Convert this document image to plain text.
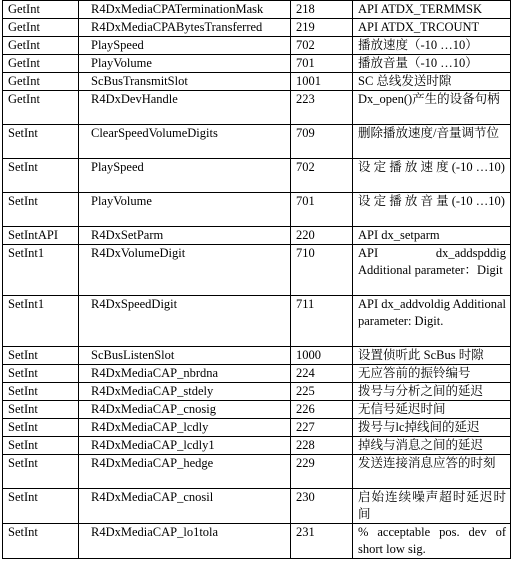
GetInt	R4DxMediaCPATerminationMask	218	API ATDX_TERMMSK
GetInt	R4DxMediaCPABytesTransferred	219	API ATDX_TRCOUNT
GetInt	PlaySpeed	702	播放速度（-10 …10）
GetInt	PlayVolume	701	播放音量（-10 …10）
GetInt	ScBusTransmitSlot	1001	SC 总线发送时隙
GetInt	R4DxDevHandle	223	Dx_open()产生的设备句柄
SetInt	ClearSpeedVolumeDigits	709	删除播放速度/音量调节位
SetInt	PlaySpeed	702	设 定 播 放 速 度 (-10 …10)
SetInt	PlayVolume	701	设 定 播 放 音 量 (-10 …10)
SetIntAPI	R4DxSetParm	220	API dx_setparm
SetInt1	R4DxVolumeDigit	710	API dx_addspddig Additional parameter：Digit
SetInt1	R4DxSpeedDigit	711	API dx_addvoldig Additional parameter: Digit.
SetInt	ScBusListenSlot	1000	设置侦听此 ScBus 时隙
SetInt	R4DxMediaCAP_nbrdna	224	无应答前的振铃编号
SetInt	R4DxMediaCAP_stdely	225	拨号与分析之间的延迟
SetInt	R4DxMediaCAP_cnosig	226	无信号延迟时间
SetInt	R4DxMediaCAP_lcdly	227	拨号与lc掉线间的延迟
SetInt	R4DxMediaCAP_lcdly1	228	掉线与消息之间的延迟
SetInt	R4DxMediaCAP_hedge	229	发送连接消息应答的时刻
SetInt	R4DxMediaCAP_cnosil	230	启始连续噪声超时延迟时间
SetInt	R4DxMediaCAP_lo1tola	231	% acceptable pos. dev of short low sig.
